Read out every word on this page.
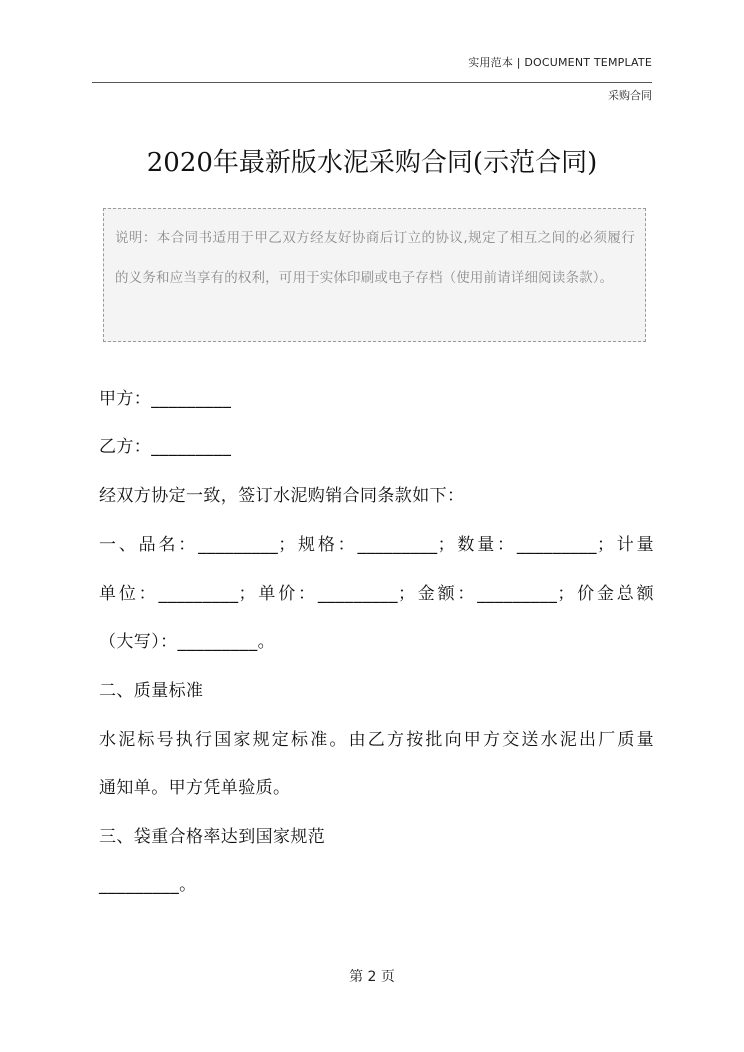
实用范本 | DOCUMENT TEMPLATE
采购合同
2020年最新版水泥采购合同(示范合同)
说明：本合同书适用于甲乙双方经友好协商后订立的协议,规定了相互之间的必须履行的义务和应当享有的权利，可用于实体印刷或电子存档（使用前请详细阅读条款）。
甲方：_________
乙方：_________
经双方协定一致，签订水泥购销合同条款如下：
一、品名：_________；规格：_________；数量：_________；计量
单位：_________；单价：_________；金额：_________；价金总额
（大写）：_________。
二、质量标准
水泥标号执行国家规定标准。由乙方按批向甲方交送水泥出厂质量
通知单。甲方凭单验质。
三、袋重合格率达到国家规范
_________。
第 2 页
